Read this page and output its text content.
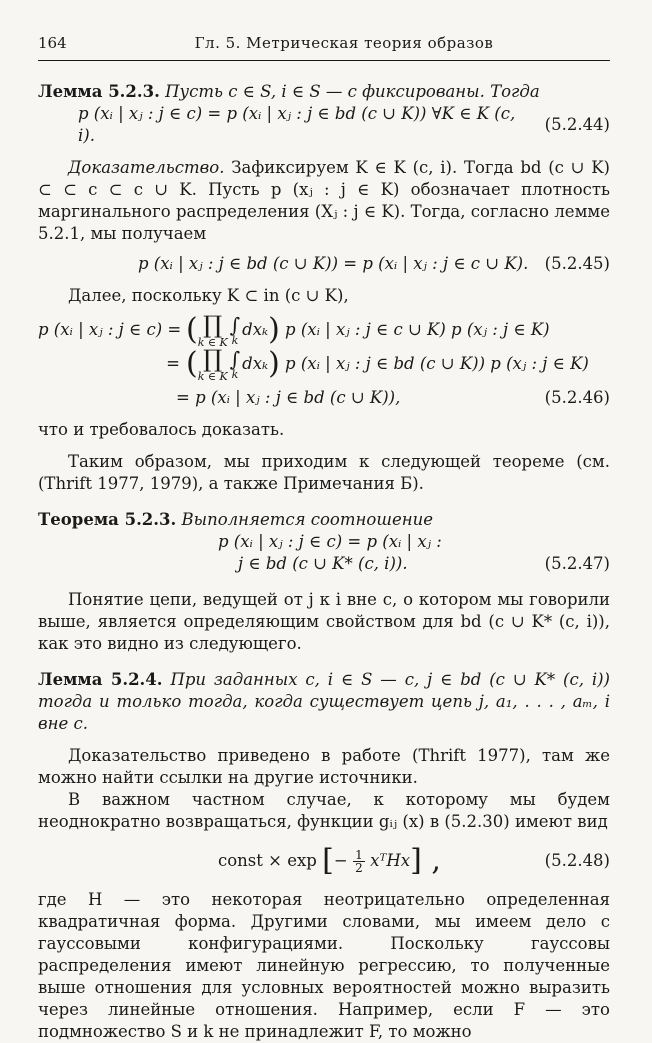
164	Гл. 5. Метрическая теория образов

Лемма 5.2.3. Пусть c ∈ S, i ∈ S — c фиксированы. Тогда

p (xᵢ | xⱼ : j ∈ c) = p (xᵢ | xⱼ : j ∈ bd (c ∪ K)) ∀K ∈ K (c, i).
(5.2.44)

Доказательство. Зафиксируем K ∈ K (c, i). Тогда bd (c ∪ K) ⊂ ⊂ c ⊂ c ∪ K. Пусть p (xⱼ : j ∈ K) обозначает плотность маргинального распределения (Xⱼ : j ∈ K). Тогда, согласно лемме 5.2.1, мы получаем

p (xᵢ | xⱼ : j ∈ bd (c ∪ K)) = p (xᵢ | xⱼ : j ∈ c ∪ K). (5.2.45)

Далее, поскольку K ⊂ in (c ∪ K),

p (xᵢ | xⱼ : j ∈ c) = ( ∏
k ∈ K
∫
k
dxₖ )
p (xᵢ | xⱼ : j ∈ c ∪ K) p (xⱼ : j ∈ K)
= ( ∏
k ∈ K
∫
k
dxₖ )
p (xᵢ | xⱼ : j ∈ bd (c ∪ K)) p (xⱼ : j ∈ K)
= p (xᵢ | xⱼ : j ∈ bd (c ∪ K)),	(5.2.46)

что и требовалось доказать.

Таким образом, мы приходим к следующей теореме (см. (Thrift 1977, 1979), а также Примечания Б).

Теорема 5.2.3. Выполняется соотношение

p (xᵢ | xⱼ : j ∈ c) = p (xᵢ | xⱼ :
j ∈ bd (c ∪ K* (c, i)).	(5.2.47)

Понятие цепи, ведущей от j к i вне c, о котором мы говорили выше, является определяющим свойством для bd (c ∪ K* (c, i)), как это видно из следующего.

Лемма 5.2.4. При заданных c, i ∈ S — c, j ∈ bd (c ∪ K* (c, i)) тогда и только тогда, когда существует цепь j, a₁, . . . , aₘ, i вне c.

Доказательство приведено в работе (Thrift 1977), там же можно найти ссылки на другие источники.

В важном частном случае, к которому мы будем неоднократно возвращаться, функции gᵢⱼ (x) в (5.2.30) имеют вид

const × exp
[ −
$\frac{1}{2}$
xᵀHx ] ,	(5.2.48)

где H — это некоторая неотрицательно определенная квадратичная форма. Другими словами, мы имеем дело с гауссовыми конфигурациями. Поскольку гауссовы распределения имеют линейную регрессию, то полученные выше отношения для условных вероятностей можно выразить через линейные отношения. Например, если F — это подмножество S и k не принадлежит F, то можно
